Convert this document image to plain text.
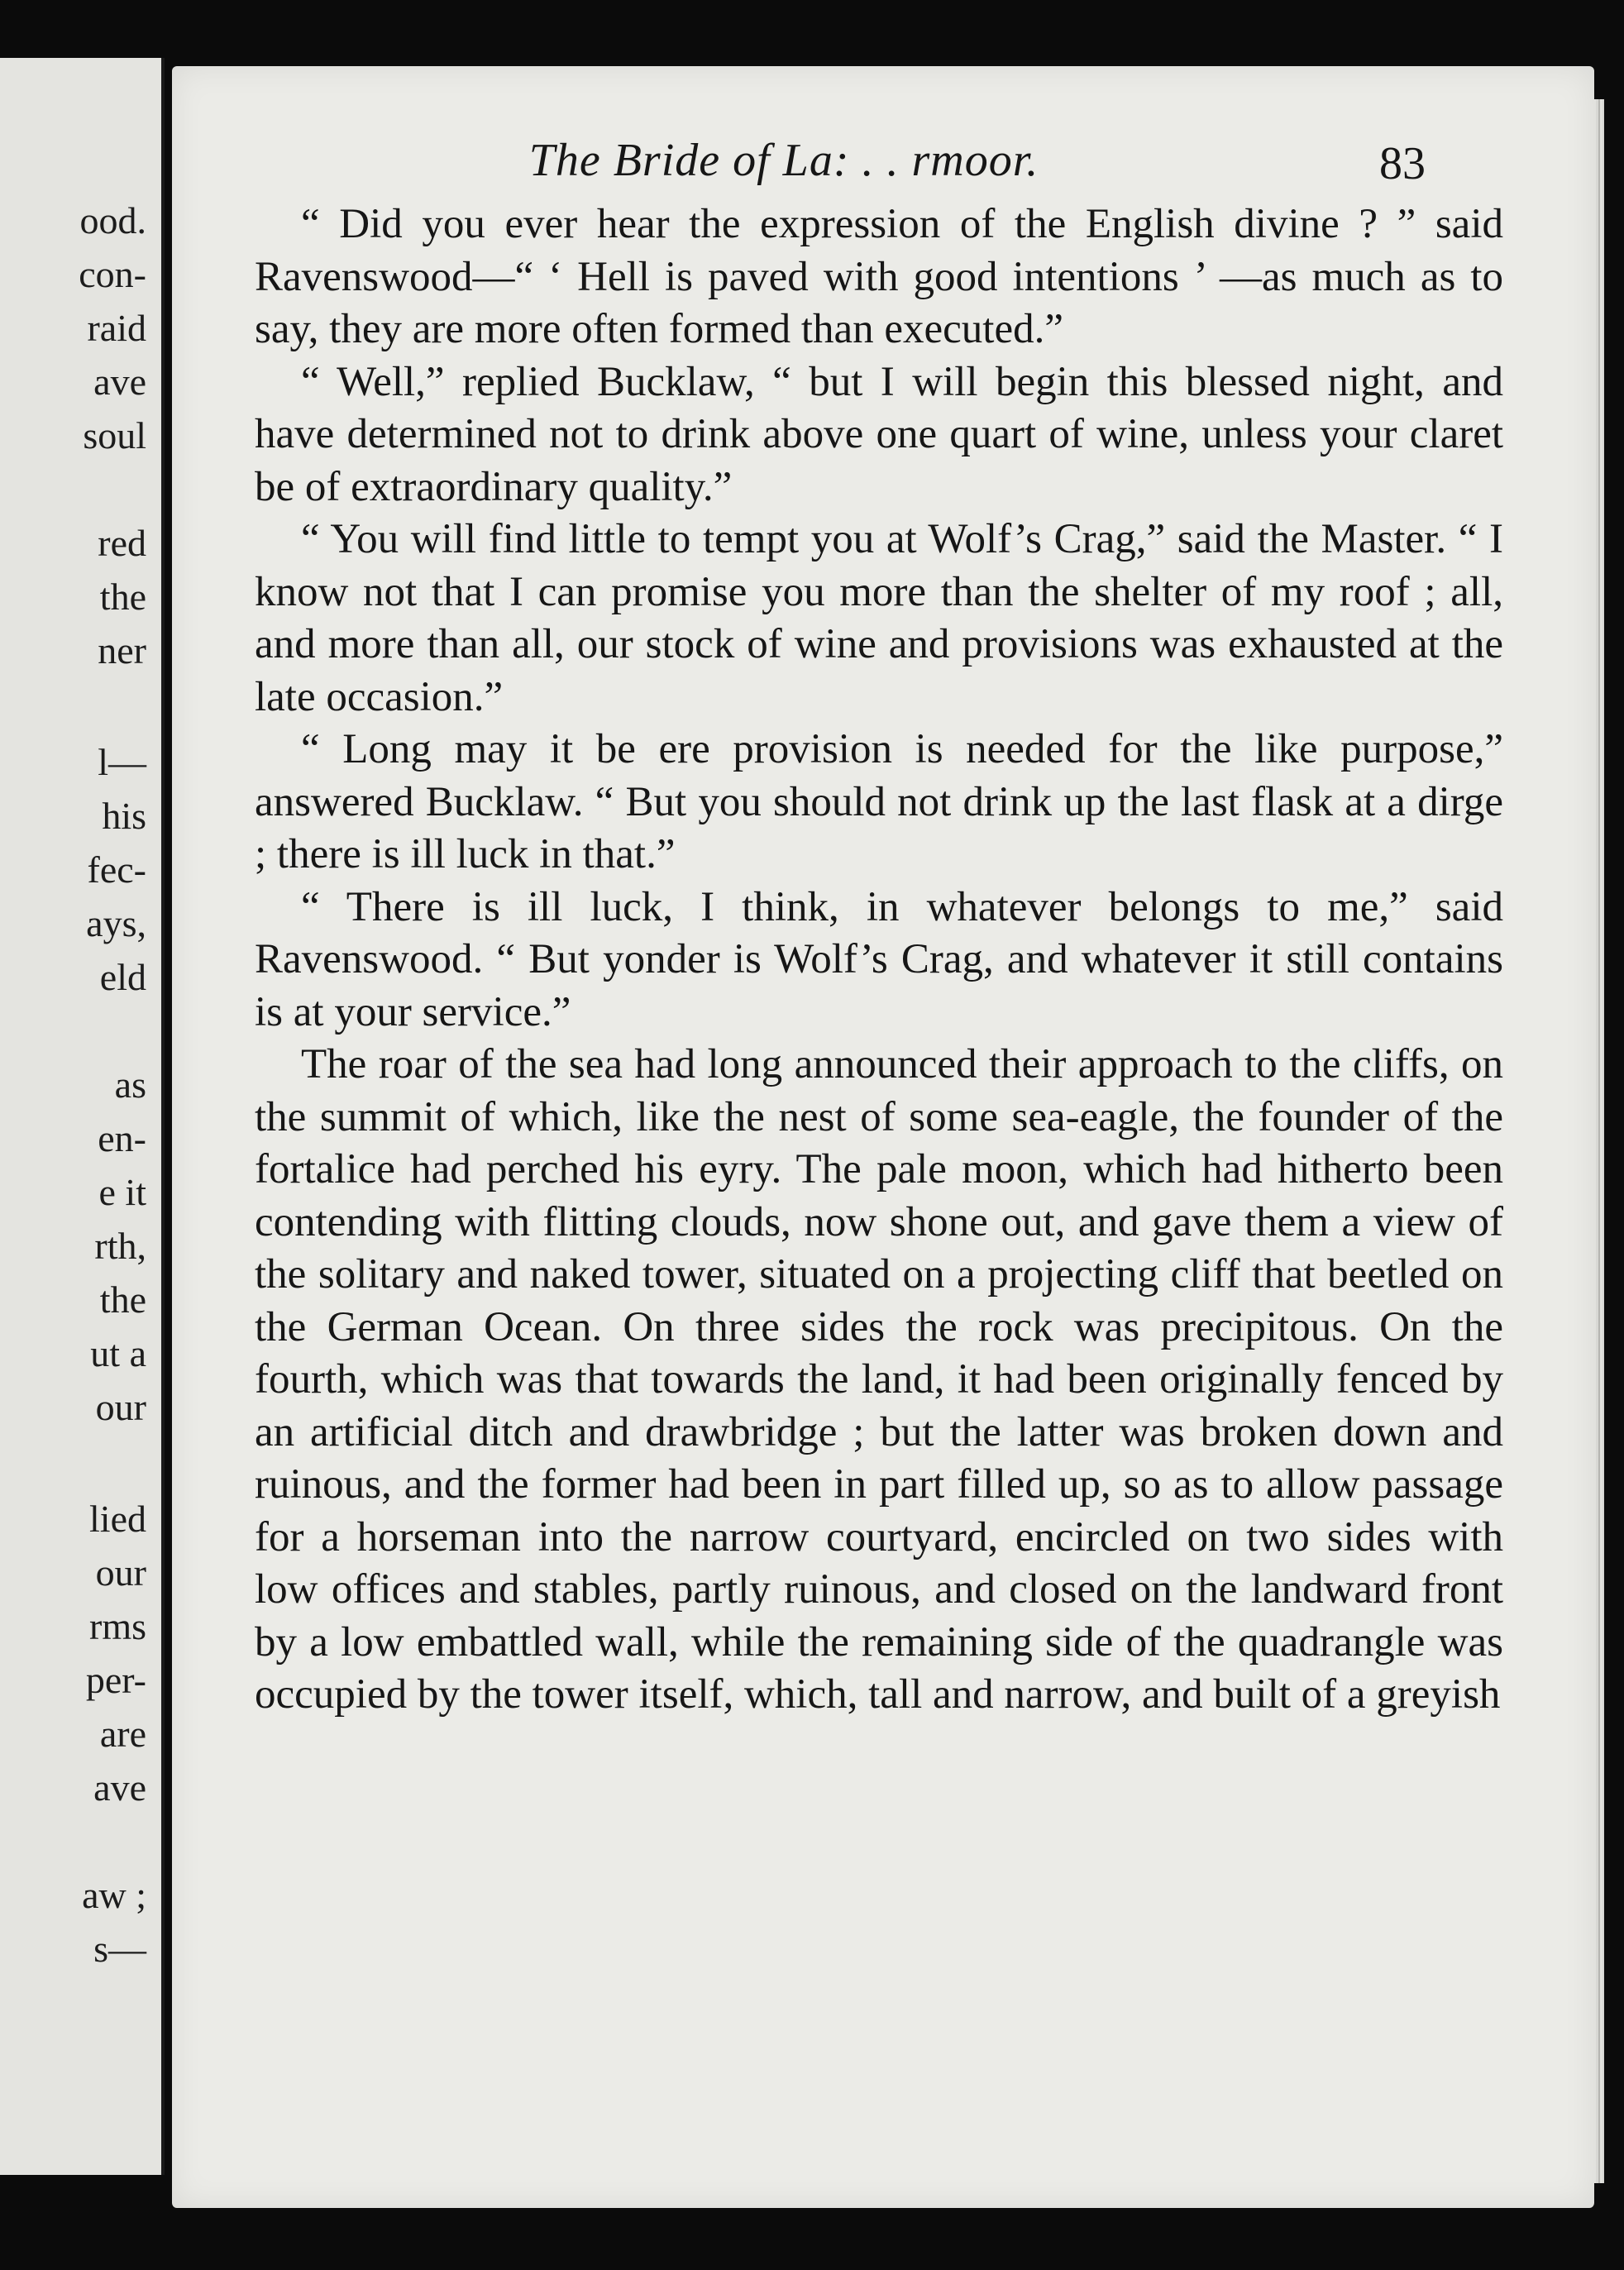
ood.
con-
raid
ave
soul
red
the
ner
l—
his
fec-
ays,
eld
as
en-
e it
rth,
the
ut a
our
lied
our
rms
per-
are
ave
aw ;
s—
The Bride of La: . . rmoor.	83

“ Did you ever hear the expression of the English divine ? ” said Ravenswood—“ ‘ Hell is paved with good intentions ’ —as much as to say, they are more often formed than executed.”

“ Well,” replied Bucklaw, “ but I will begin this blessed night, and have determined not to drink above one quart of wine, unless your claret be of extraordinary quality.”

“ You will find little to tempt you at Wolf’s Crag,” said the Master. “ I know not that I can promise you more than the shelter of my roof ; all, and more than all, our stock of wine and provisions was exhausted at the late occasion.”

“ Long may it be ere provision is needed for the like purpose,” answered Bucklaw. “ But you should not drink up the last flask at a dirge ; there is ill luck in that.”

“ There is ill luck, I think, in whatever belongs to me,” said Ravenswood. “ But yonder is Wolf’s Crag, and whatever it still contains is at your service.”

The roar of the sea had long announced their approach to the cliffs, on the summit of which, like the nest of some sea-eagle, the founder of the fortalice had perched his eyry. The pale moon, which had hitherto been contending with flitting clouds, now shone out, and gave them a view of the solitary and naked tower, situated on a projecting cliff that beetled on the German Ocean. On three sides the rock was precipitous. On the fourth, which was that towards the land, it had been originally fenced by an artificial ditch and drawbridge ; but the latter was broken down and ruinous, and the former had been in part filled up, so as to allow passage for a horseman into the narrow courtyard, encircled on two sides with low offices and stables, partly ruinous, and closed on the landward front by a low embattled wall, while the remaining side of the quadrangle was occupied by the tower itself, which, tall and narrow, and built of a greyish
